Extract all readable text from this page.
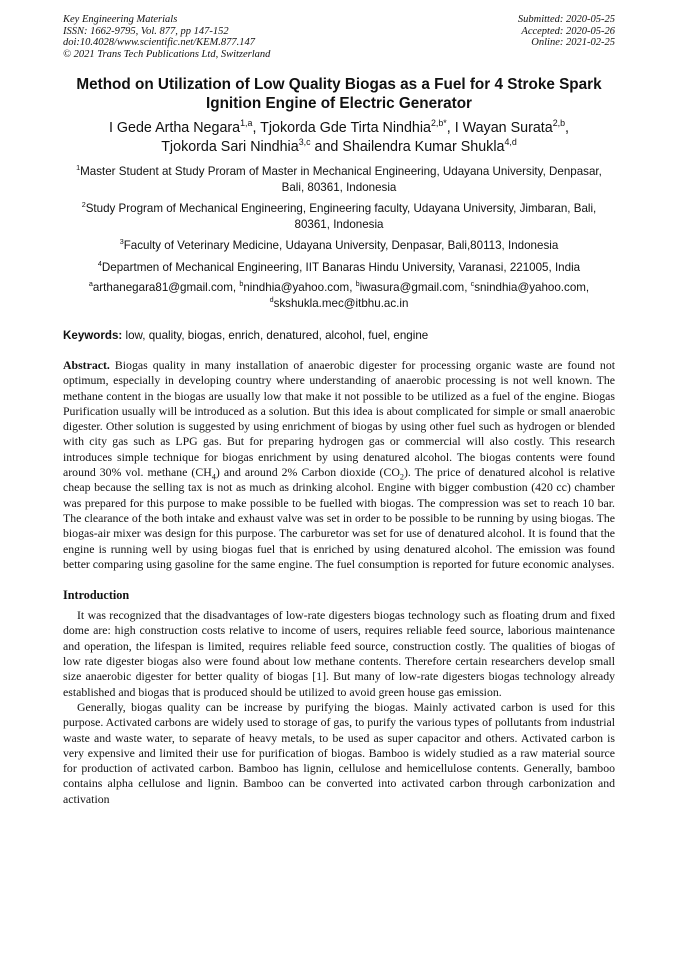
Key Engineering Materials
ISSN: 1662-9795, Vol. 877, pp 147-152
doi:10.4028/www.scientific.net/KEM.877.147
© 2021 Trans Tech Publications Ltd, Switzerland
Submitted: 2020-05-25
Accepted: 2020-05-26
Online: 2021-02-25
Method on Utilization of Low Quality Biogas as a Fuel for 4 Stroke Spark Ignition Engine of Electric Generator
I Gede Artha Negara$^{1,a}$, Tjokorda Gde Tirta Nindhia$^{2,b*}$, I Wayan Surata$^{2,b}$,
Tjokorda Sari Nindhia$^{3,c}$ and Shailendra Kumar Shukla$^{4,d}$
$^1$Master Student at Study Proram of Master in Mechanical Engineering, Udayana University, Denpasar, Bali, 80361, Indonesia
$^2$Study Program of Mechanical Engineering, Engineering faculty, Udayana University, Jimbaran, Bali, 80361, Indonesia
$^3$Faculty of Veterinary Medicine, Udayana University, Denpasar, Bali,80113, Indonesia
$^4$Departmen of Mechanical Engineering, IIT Banaras Hindu University, Varanasi, 221005, India
$^a$arthanegara81@gmail.com, $^b$nindhia@yahoo.com, $^b$iwasura@gmail.com, $^c$snindhia@yahoo.com,
$^d$skshukla.mec@itbhu.ac.in
Keywords: low, quality, biogas, enrich, denatured, alcohol, fuel, engine
Abstract. Biogas quality in many installation of anaerobic digester for processing organic waste are found not optimum, especially in developing country where understanding of anaerobic processing is not well known. The methane content in the biogas are usually low that make it not possible to be utilized as a fuel of the engine. Biogas Purification usually will be introduced as a solution. But this idea is about complicated for simple or small anaerobic digester. Other solution is suggested by using enrichment of biogas by using other fuel such as hydrogen or blended with city gas such as LPG gas. But for preparing hydrogen gas or commercial will also costly. This research introduces simple technique for biogas enrichment by using denatured alcohol. The biogas contents were found around 30% vol. methane $(CH_4)$ and around 2% Carbon dioxide $(CO_2)$. The price of denatured alcohol is relative cheap because the selling tax is not as much as drinking alcohol. Engine with bigger combustion (420 cc) chamber was prepared for this purpose to make possible to be fuelled with biogas. The compression was set to reach 10 bar. The clearance of the both intake and exhaust valve was set in order to be possible to be running by using biogas. The biogas-air mixer was design for this purpose. The carburetor was set for use of denatured alcohol. It is found that the engine is running well by using biogas fuel that is enriched by using denatured alcohol. The emission was found better comparing using gasoline for the same engine. The fuel consumption is reported for future economic analyses.
Introduction
It was recognized that the disadvantages of low-rate digesters biogas technology such as floating drum and fixed dome are: high construction costs relative to income of users, requires reliable feed source, laborious maintenance and operation, the lifespan is limited, requires reliable feed source, construction costly. The qualities of biogas of low rate digester biogas also were found about low methane contents. Therefore certain researchers develop small size anaerobic digester for better quality of biogas [1]. But many of low-rate digesters biogas technology already established and biogas that is produced should be utilized to avoid green house gas emission.
Generally, biogas quality can be increase by purifying the biogas. Mainly activated carbon is used for this purpose. Activated carbons are widely used to storage of gas, to purify the various types of pollutants from industrial waste and waste water, to separate of heavy metals, to be used as super capacitor and others. Activated carbon is very expensive and limited their use for purification of biogas. Bamboo is widely studied as a raw material source for production of activated carbon. Bamboo has lignin, cellulose and hemicellulose contents. Generally, bamboo contains alpha cellulose and lignin. Bamboo can be converted into activated carbon through carbonization and activation
